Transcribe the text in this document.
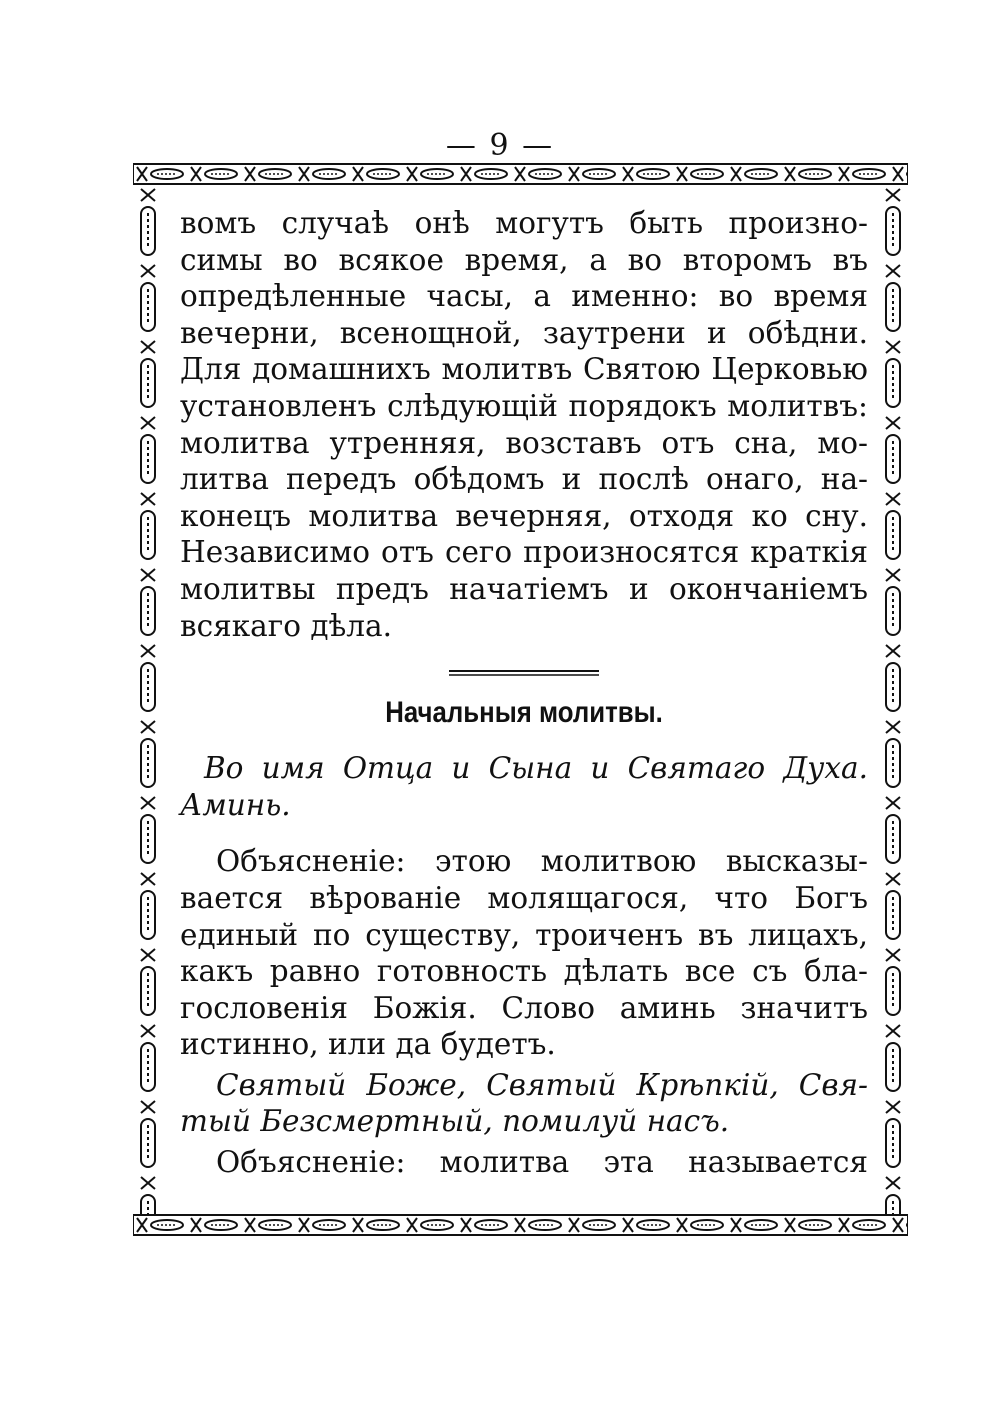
— 9 —
вомъ случаѣ онѣ могутъ быть произно-
симы во всякое время, а во второмъ въ
опредѣленные часы, а именно: во время
вечерни, всенощной, заутрени и обѣдни.
Для домашнихъ молитвъ Святою Церковью
установленъ слѣдующій порядокъ молитвъ:
молитва утренняя, возставъ отъ сна, мо-
литва передъ обѣдомъ и послѣ онаго, на-
конецъ молитва вечерняя, отходя ко сну.
Независимо отъ сего произносятся краткія
молитвы предъ начатіемъ и окончаніемъ
всякаго дѣла.
Начальныя молитвы.
Во имя Отца и Сына и Святаго Духа.
Аминь.
Объясненіе: этою молитвою высказы-
вается вѣрованіе молящагося, что Богъ
единый по существу, троиченъ въ лицахъ,
какъ равно готовность дѣлать все съ бла-
гословенія Божія. Слово аминь значитъ
истинно, или да будетъ.
Святый Боже, Святый Крѣпкій, Свя-
тый Безсмертный, помилуй насъ.
Объясненіе: молитва эта называется
